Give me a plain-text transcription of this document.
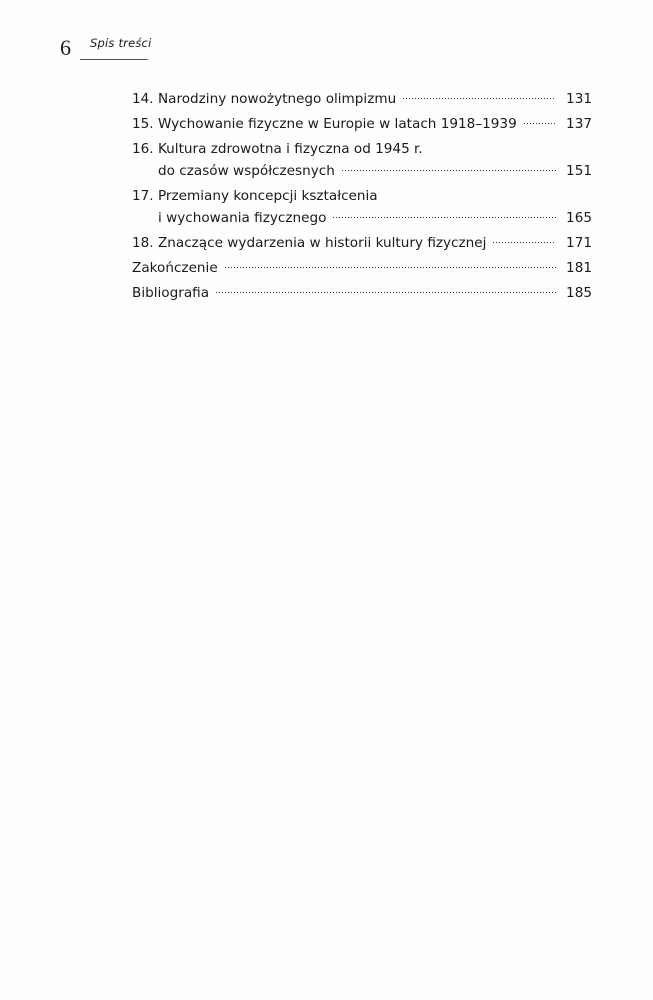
6 Spis treści
14. Narodziny nowożytnego olimpizmu	131
15. Wychowanie fizyczne w Europie w latach 1918–1939	137
16. Kultura zdrowotna i fizyczna od 1945 r.
do czasów współczesnych	151
17. Przemiany koncepcji kształcenia
i wychowania fizycznego	165
18. Znaczące wydarzenia w historii kultury fizycznej	171
Zakończenie	181
Bibliografia	185
